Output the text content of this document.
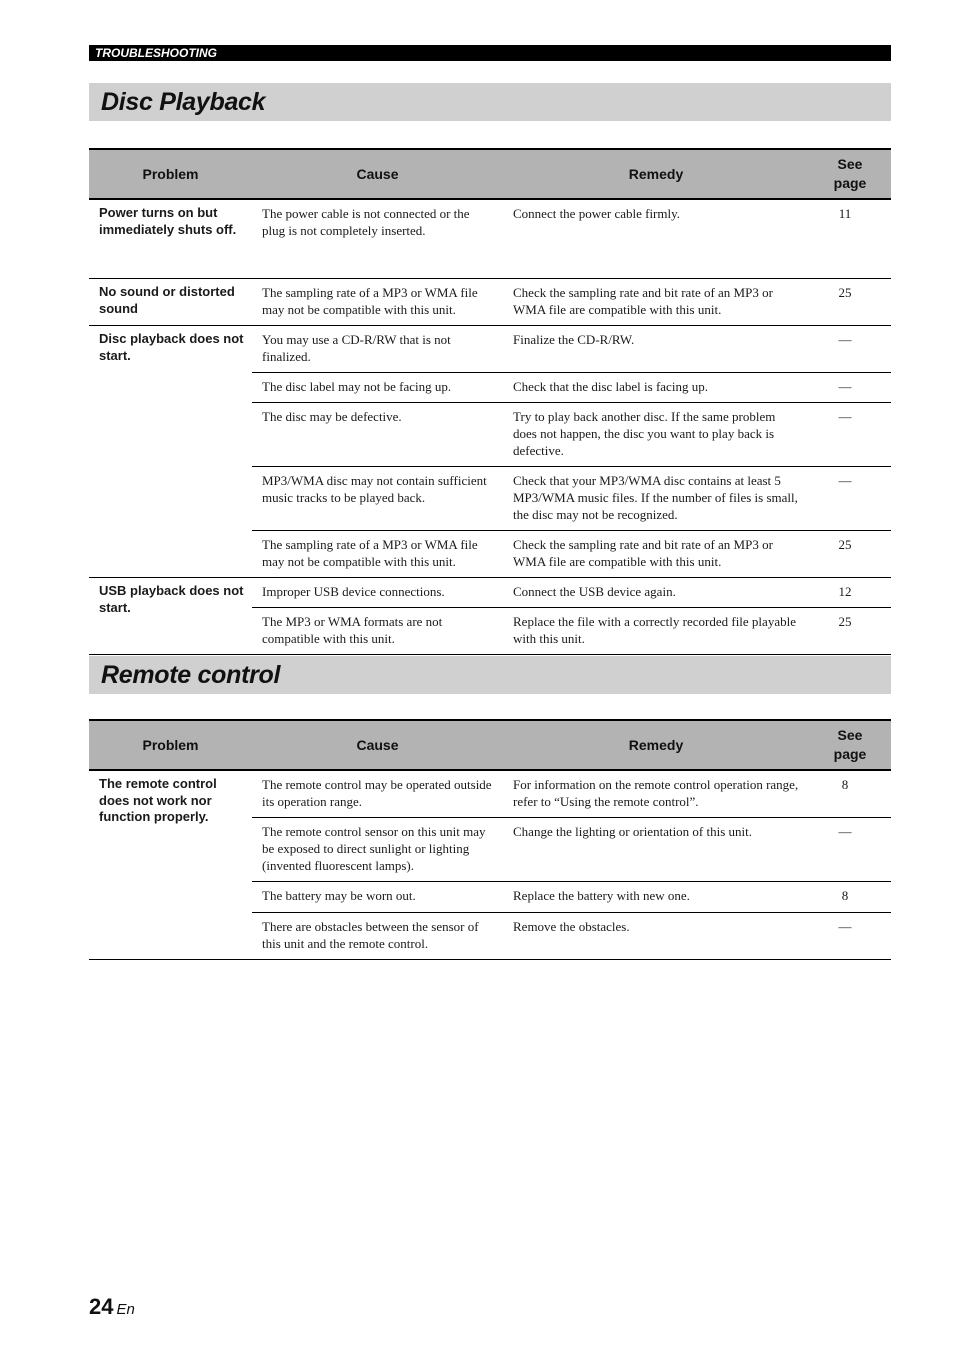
TROUBLESHOOTING
Disc Playback
Problem	Cause	Remedy	See page

Power turns on but immediately shuts off.	The power cable is not connected or the plug is not completely inserted.	Connect the power cable firmly.	11
No sound or distorted sound	The sampling rate of a MP3 or WMA file may not be compatible with this unit.	Check the sampling rate and bit rate of an MP3 or WMA file are compatible with this unit.	25
Disc playback does not start.	You may use a CD-R/RW that is not finalized.	Finalize the CD-R/RW.	—
	The disc label may not be facing up.	Check that the disc label is facing up.	—
	The disc may be defective.	Try to play back another disc. If the same problem does not happen, the disc you want to play back is defective.	—
	MP3/WMA disc may not contain sufficient music tracks to be played back.	Check that your MP3/WMA disc contains at least 5 MP3/WMA music files. If the number of files is small, the disc may not be recognized.	—
	The sampling rate of a MP3 or WMA file may not be compatible with this unit.	Check the sampling rate and bit rate of an MP3 or WMA file are compatible with this unit.	25
USB playback does not start.	Improper USB device connections.	Connect the USB device again.	12
	The MP3 or WMA formats are not compatible with this unit.	Replace the file with a correctly recorded file playable with this unit.	25
Remote control
Problem	Cause	Remedy	See page

The remote control does not work nor function properly.	The remote control may be operated outside its operation range.	For information on the remote control operation range, refer to “Using the remote control”.	8
	The remote control sensor on this unit may be exposed to direct sunlight or lighting (invented fluorescent lamps).	Change the lighting or orientation of this unit.	—
	The battery may be worn out.	Replace the battery with new one.	8
	There are obstacles between the sensor of this unit and the remote control.	Remove the obstacles.	—
24 En
